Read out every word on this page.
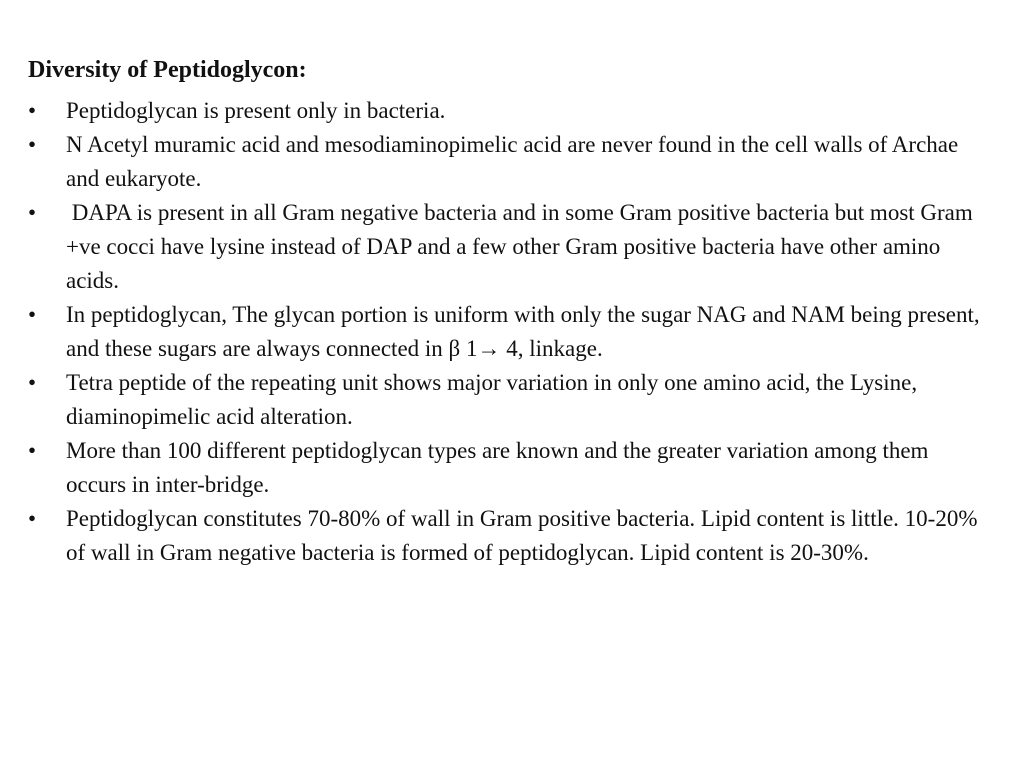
Diversity of Peptidoglycon:
•	Peptidoglycan is present only in bacteria.
•	N Acetyl muramic acid and mesodiaminopimelic acid are never found in the cell walls of Archae and eukaryote.
•	DAPA is present in all Gram negative bacteria and in some Gram positive bacteria but most Gram +ve cocci have lysine instead of DAP and a few other Gram positive bacteria have other amino acids.
•	In peptidoglycan, The glycan portion is uniform with only the sugar NAG and NAM being present, and these sugars are always connected in β 1→ 4, linkage.
•	Tetra peptide of the repeating unit shows major variation in only one amino acid, the Lysine, diaminopimelic acid alteration.
•	More than 100 different peptidoglycan types are known and the greater variation among them occurs in inter-bridge.
•	Peptidoglycan constitutes 70-80% of wall in Gram positive bacteria. Lipid content is little. 10-20% of wall in Gram negative bacteria is formed of peptidoglycan. Lipid content is 20-30%.
